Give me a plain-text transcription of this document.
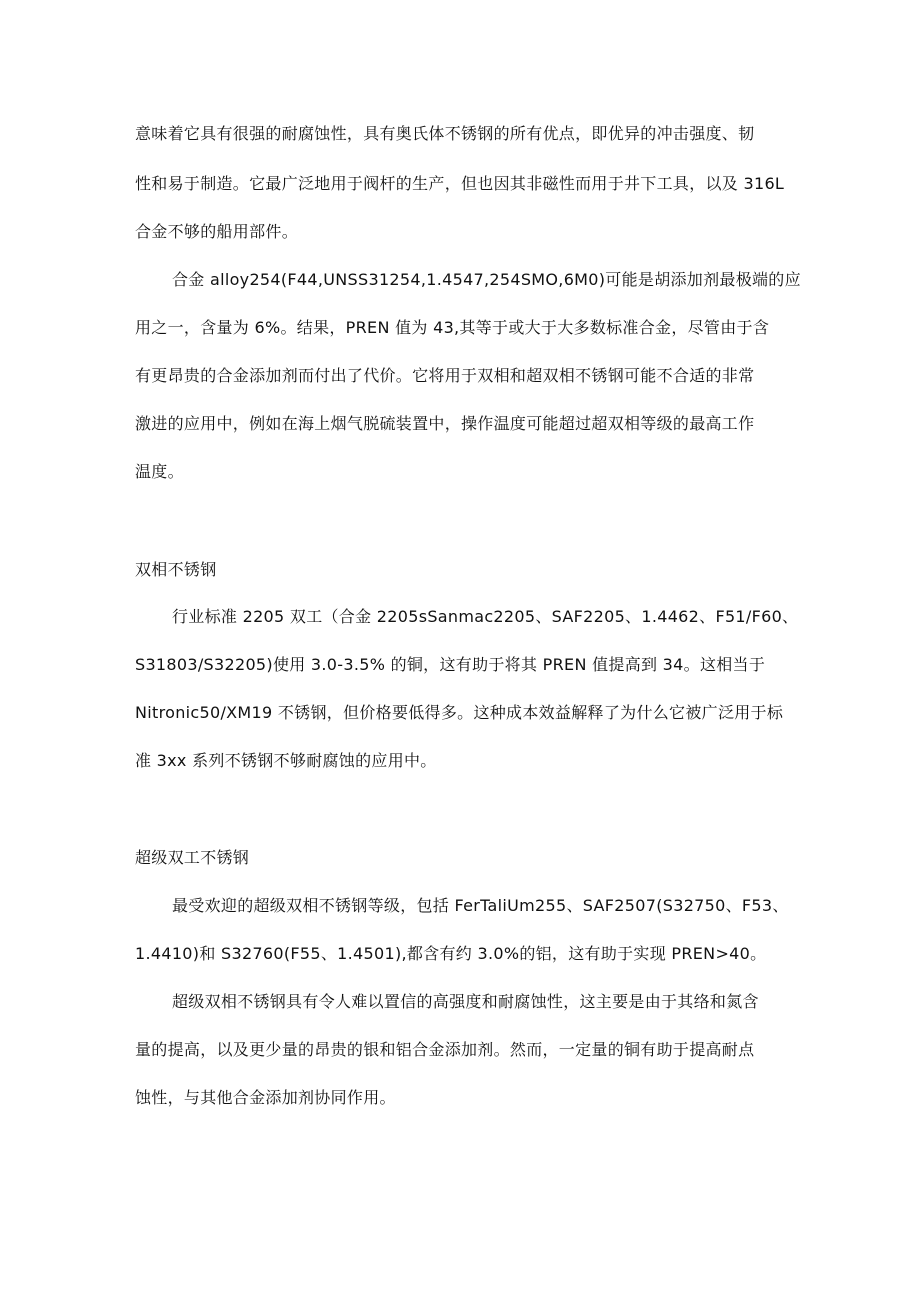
意味着它具有很强的耐腐蚀性，具有奥氏体不锈钢的所有优点，即优异的冲击强度、韧
性和易于制造。它最广泛地用于阀杆的生产，但也因其非磁性而用于井下工具，以及 316L
合金不够的船用部件。
合金 alloy254(F44,UNSS31254,1.4547,254SMO,6M0)可能是胡添加剂最极端的应
用之一，含量为 6%。结果，PREN 值为 43,其等于或大于大多数标准合金，尽管由于含
有更昂贵的合金添加剂而付出了代价。它将用于双相和超双相不锈钢可能不合适的非常
激进的应用中，例如在海上烟气脱硫装置中，操作温度可能超过超双相等级的最高工作
温度。
双相不锈钢
行业标准 2205 双工（合金 2205sSanmac2205、SAF2205、1.4462、F51/F60、
S31803/S32205)使用 3.0-3.5% 的铜，这有助于将其 PREN 值提高到 34。这相当于
Nitronic50/XM19 不锈钢，但价格要低得多。这种成本效益解释了为什么它被广泛用于标
准 3xx 系列不锈钢不够耐腐蚀的应用中。
超级双工不锈钢
最受欢迎的超级双相不锈钢等级，包括 FerTaliUm255、SAF2507(S32750、F53、
1.4410)和 S32760(F55、1.4501),都含有约 3.0%的铝，这有助于实现 PREN>40。
超级双相不锈钢具有令人难以置信的高强度和耐腐蚀性，这主要是由于其络和氮含
量的提高，以及更少量的昂贵的银和铝合金添加剂。然而，一定量的铜有助于提高耐点
蚀性，与其他合金添加剂协同作用。
